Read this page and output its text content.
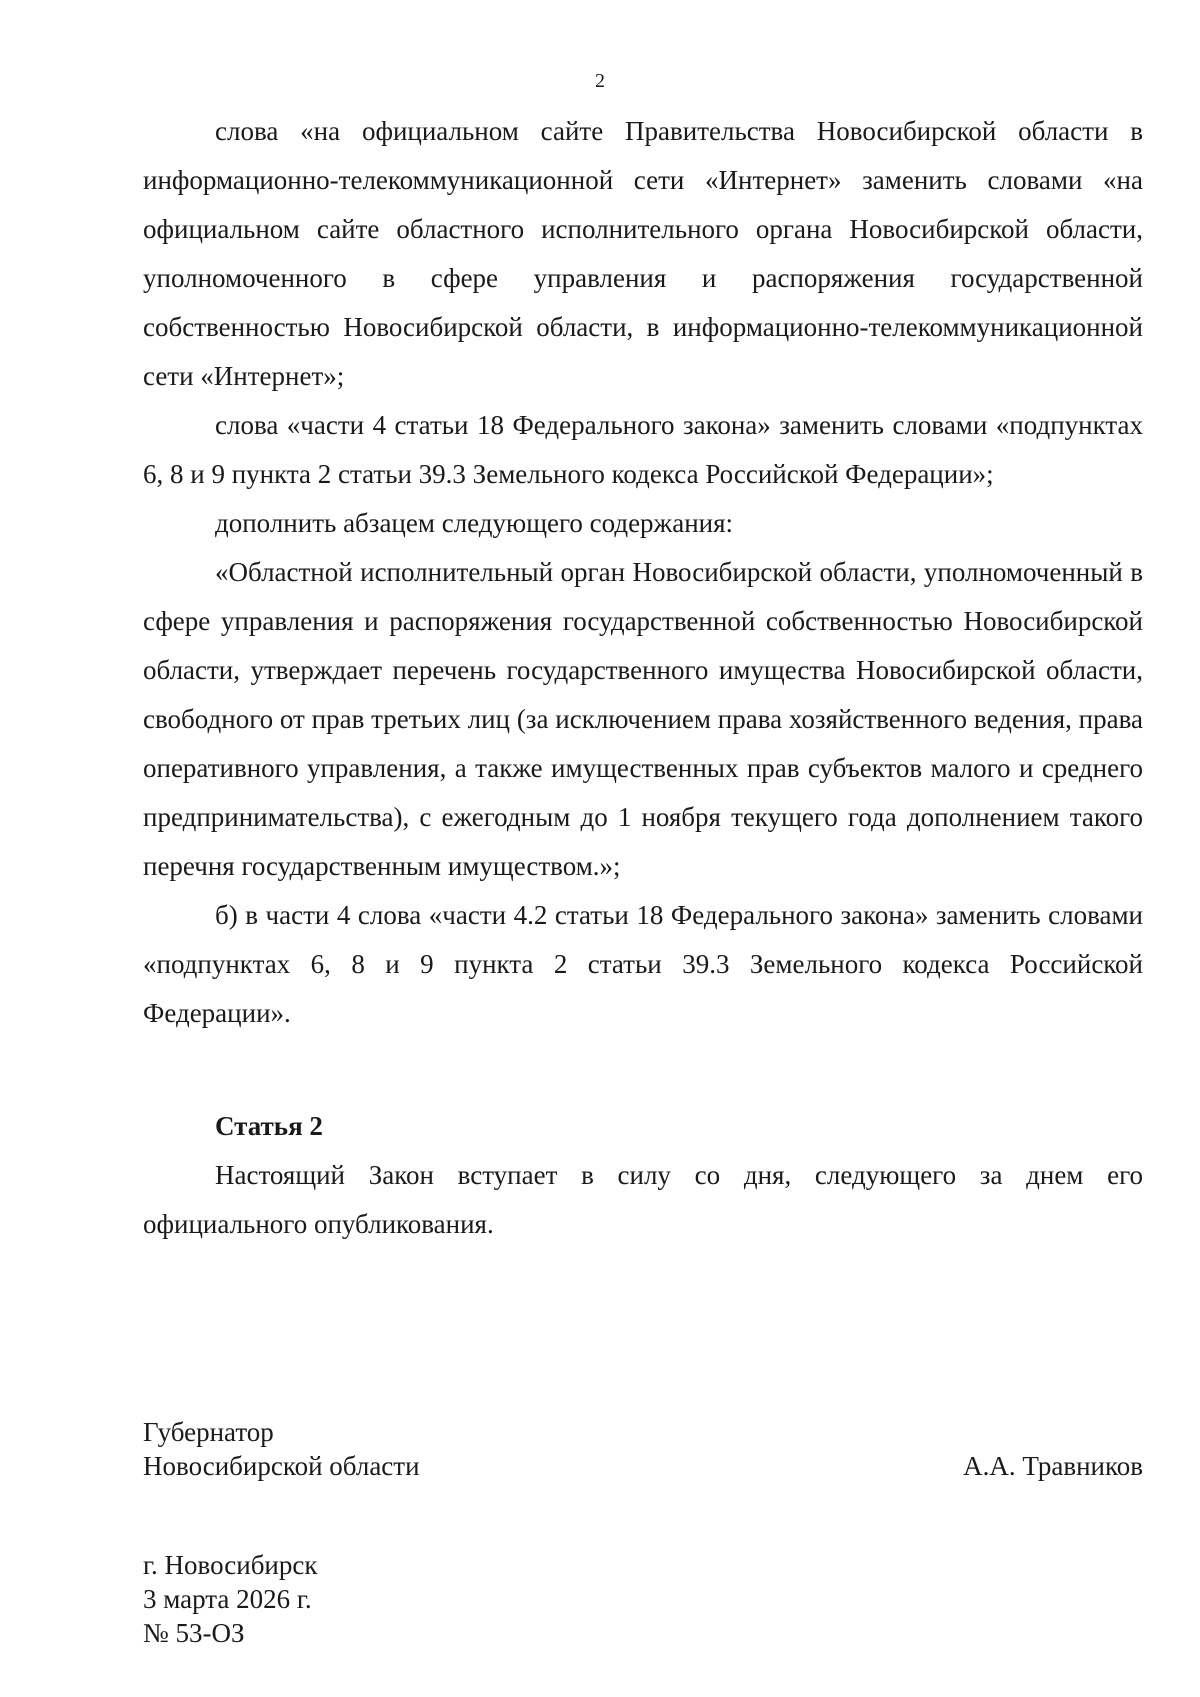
2

слова «на официальном сайте Правительства Новосибирской области в информационно-телекоммуникационной сети «Интернет» заменить словами «на официальном сайте областного исполнительного органа Новосибирской области, уполномоченного в сфере управления и распоряжения государственной собственностью Новосибирской области, в информационно-телекоммуникационной сети «Интернет»;

слова «части 4 статьи 18 Федерального закона» заменить словами «подпунктах 6, 8 и 9 пункта 2 статьи 39.3 Земельного кодекса Российской Федерации»;

дополнить абзацем следующего содержания:

«Областной исполнительный орган Новосибирской области, уполномоченный в сфере управления и распоряжения государственной собственностью Новосибирской области, утверждает перечень государственного имущества Новосибирской области, свободного от прав третьих лиц (за исключением права хозяйственного ведения, права оперативного управления, а также имущественных прав субъектов малого и среднего предпринимательства), с ежегодным до 1 ноября текущего года дополнением такого перечня государственным имуществом.»;

б) в части 4 слова «части 4.2 статьи 18 Федерального закона» заменить словами «подпунктах 6, 8 и 9 пункта 2 статьи 39.3 Земельного кодекса Российской Федерации».

Статья 2

Настоящий Закон вступает в силу со дня, следующего за днем его официального опубликования.

Губернатор
Новосибирской области	А.А. Травников
г. Новосибирск
3 марта 2026 г.
№ 53-ОЗ
